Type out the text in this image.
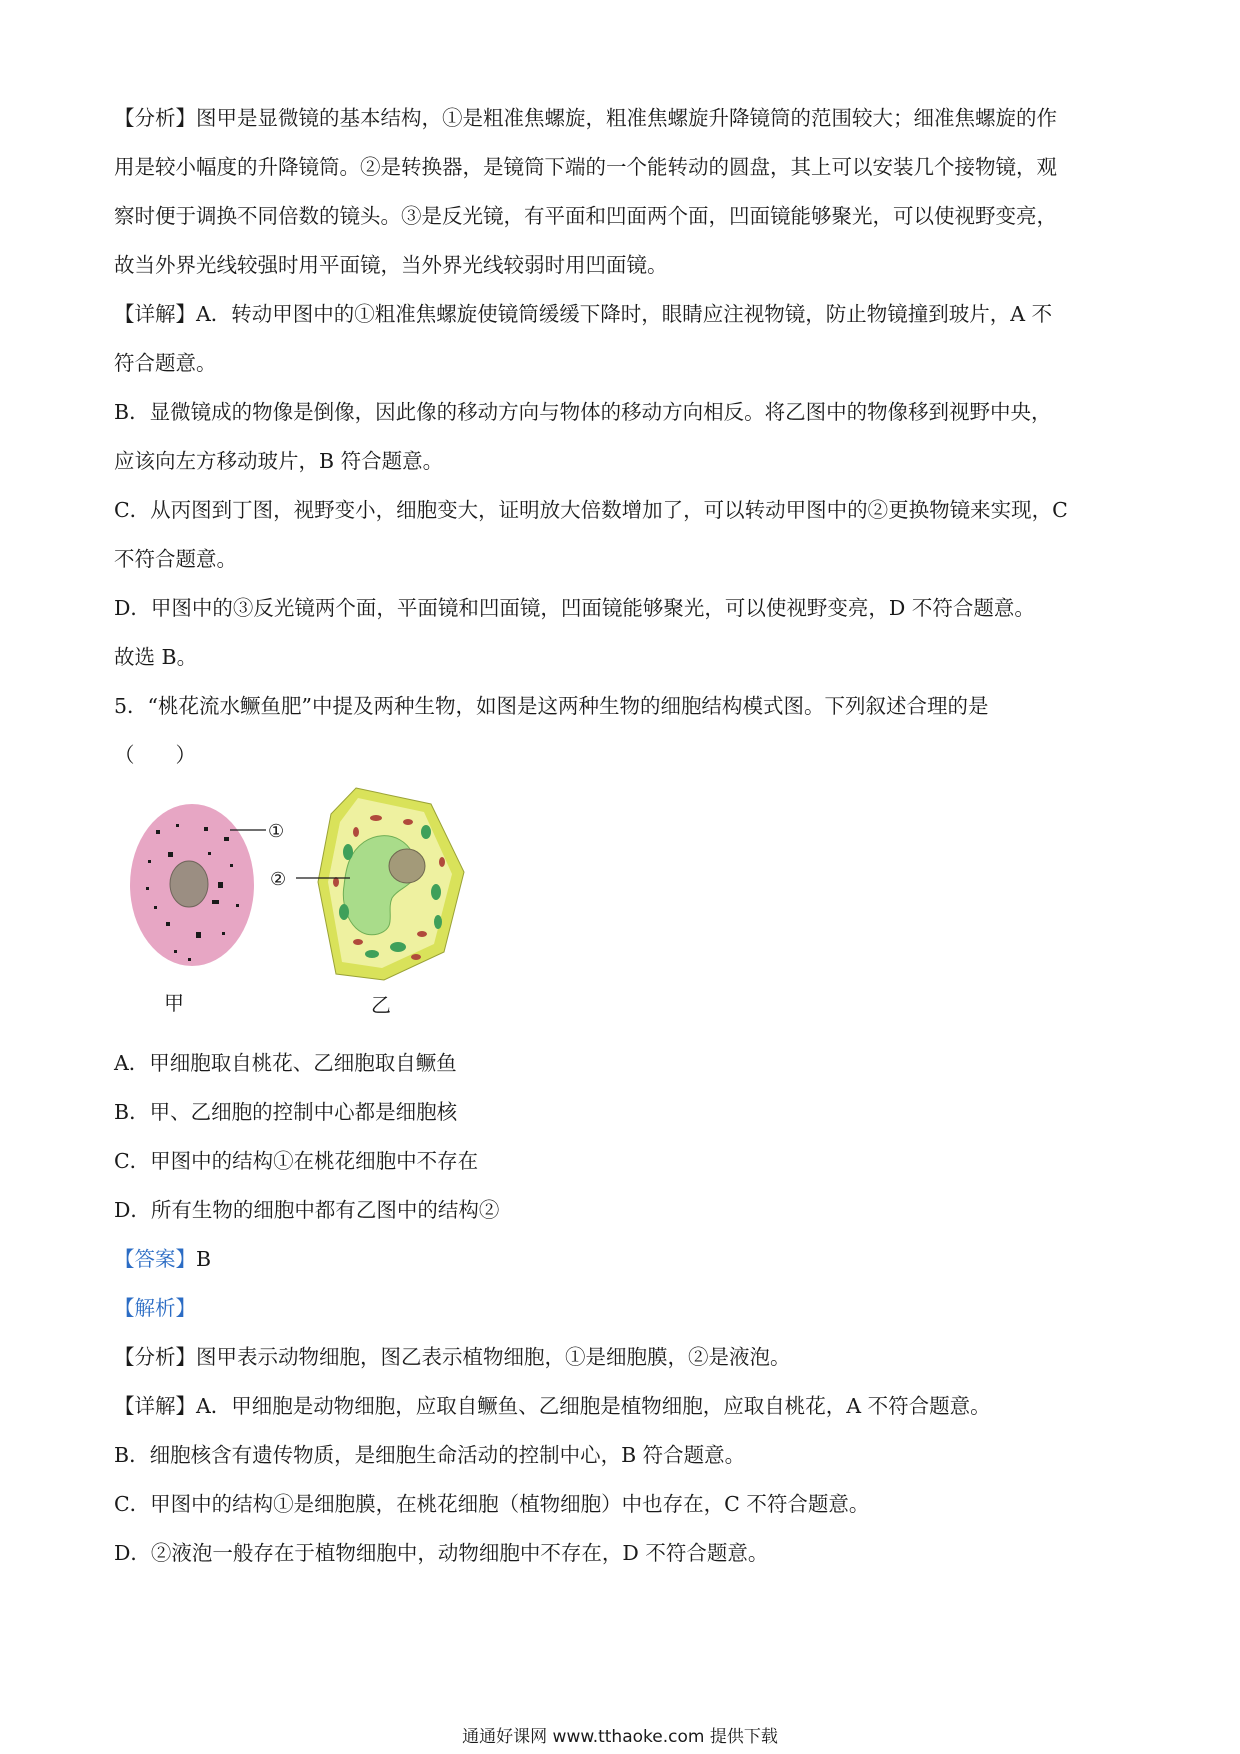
【分析】图甲是显微镜的基本结构，①是粗准焦螺旋，粗准焦螺旋升降镜筒的范围较大；细准焦螺旋的作
用是较小幅度的升降镜筒。②是转换器，是镜筒下端的一个能转动的圆盘，其上可以安装几个接物镜，观
察时便于调换不同倍数的镜头。③是反光镜，有平面和凹面两个面，凹面镜能够聚光，可以使视野变亮，
故当外界光线较强时用平面镜，当外界光线较弱时用凹面镜。
【详解】A．转动甲图中的①粗准焦螺旋使镜筒缓缓下降时，眼睛应注视物镜，防止物镜撞到玻片，A 不
符合题意。
B．显微镜成的物像是倒像，因此像的移动方向与物体的移动方向相反。将乙图中的物像移到视野中央，
应该向左方移动玻片，B 符合题意。
C．从丙图到丁图，视野变小，细胞变大，证明放大倍数增加了，可以转动甲图中的②更换物镜来实现，C
不符合题意。
D．甲图中的③反光镜两个面，平面镜和凹面镜，凹面镜能够聚光，可以使视野变亮，D 不符合题意。
故选 B。
5．“桃花流水鳜鱼肥”中提及两种生物，如图是这两种生物的细胞结构模式图。下列叙述合理的是
（　　）
①
甲
②
乙
A．甲细胞取自桃花、乙细胞取自鳜鱼
B．甲、乙细胞的控制中心都是细胞核
C．甲图中的结构①在桃花细胞中不存在
D．所有生物的细胞中都有乙图中的结构②
【答案】B
【解析】
【分析】图甲表示动物细胞，图乙表示植物细胞，①是细胞膜，②是液泡。
【详解】A．甲细胞是动物细胞，应取自鳜鱼、乙细胞是植物细胞，应取自桃花，A 不符合题意。
B．细胞核含有遗传物质，是细胞生命活动的控制中心，B 符合题意。
C．甲图中的结构①是细胞膜，在桃花细胞（植物细胞）中也存在，C 不符合题意。
D．②液泡一般存在于植物细胞中，动物细胞中不存在，D 不符合题意。
通通好课网 www.tthaoke.com 提供下载
